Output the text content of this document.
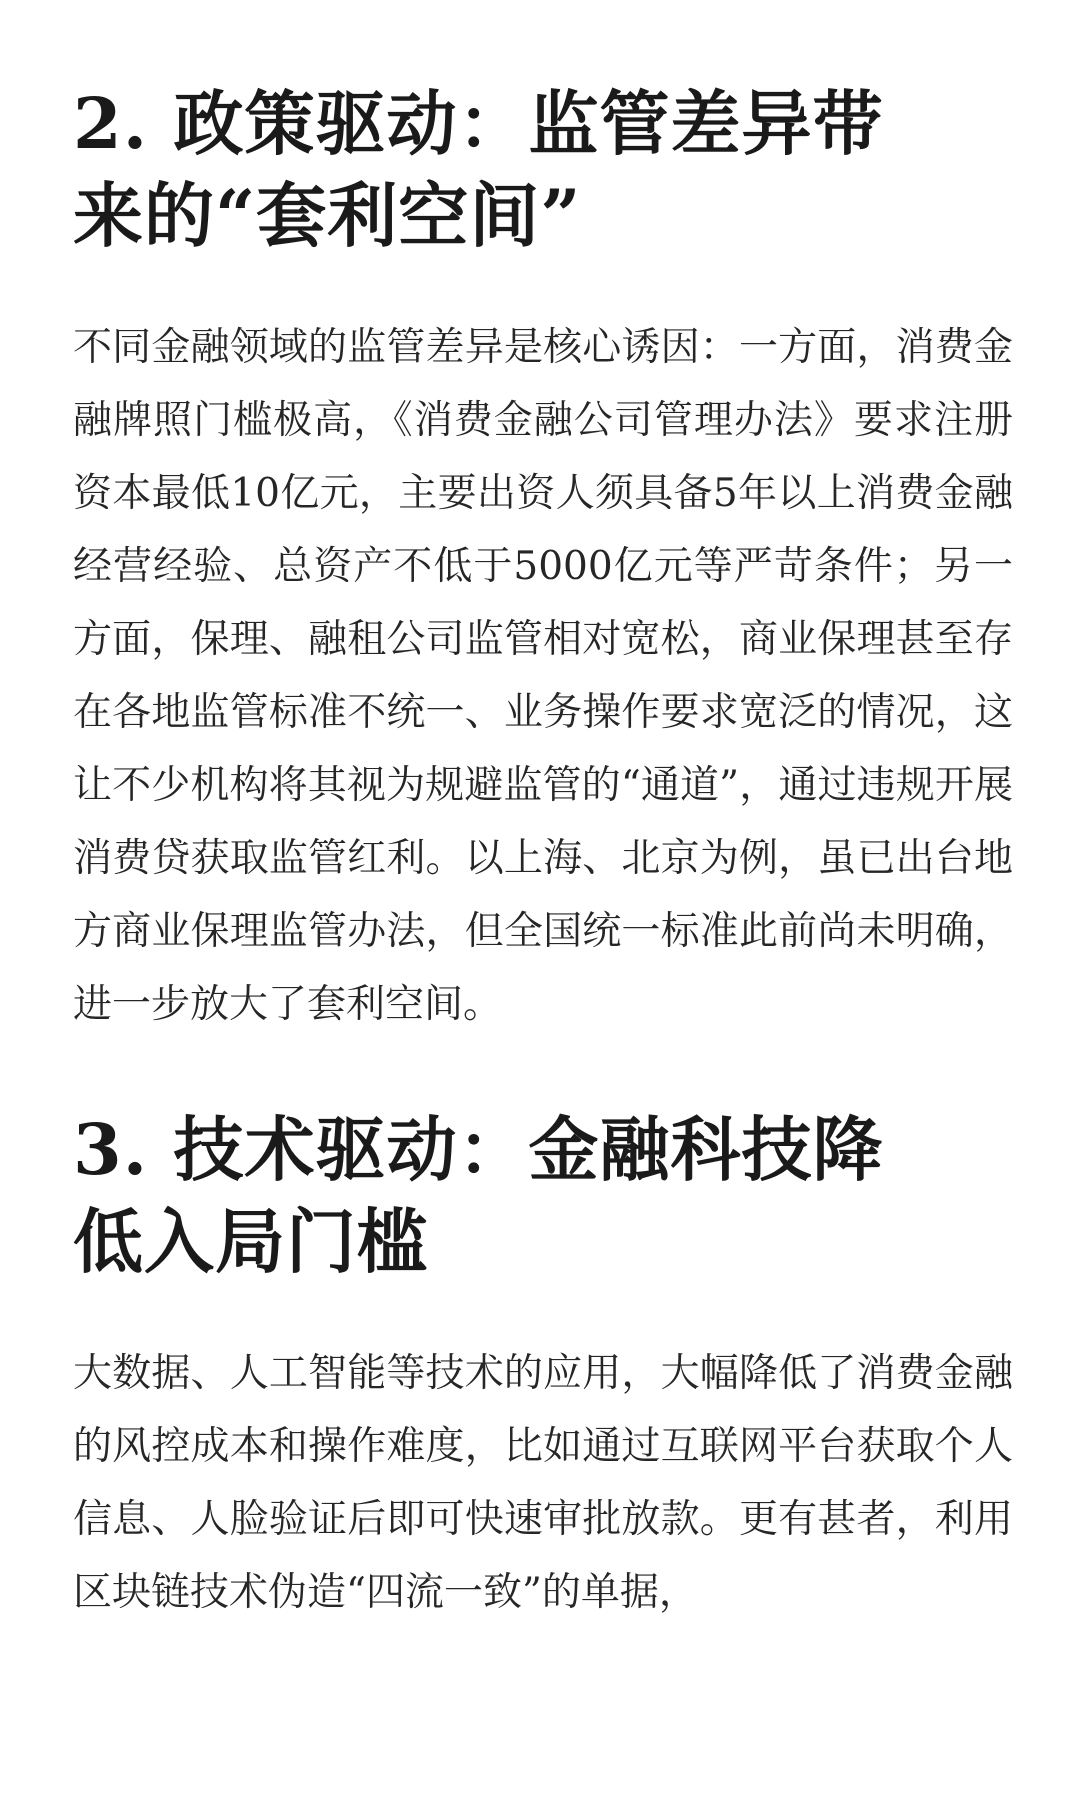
2. 政策驱动：监管差异带来的“套利空间”

不同金融领域的监管差异是核心诱因：一方面，消费金融牌照门槛极高，《消费金融公司管理办法》要求注册资本最低10亿元，主要出资人须具备5年以上消费金融经营经验、总资产不低于5000亿元等严苛条件；另一方面，保理、融租公司监管相对宽松，商业保理甚至存在各地监管标准不统一、业务操作要求宽泛的情况，这让不少机构将其视为规避监管的“通道”，通过违规开展消费贷获取监管红利。以上海、北京为例，虽已出台地方商业保理监管办法，但全国统一标准此前尚未明确，进一步放大了套利空间。

3. 技术驱动：金融科技降低入局门槛

大数据、人工智能等技术的应用，大幅降低了消费金融的风控成本和操作难度，比如通过互联网平台获取个人信息、人脸验证后即可快速审批放款。更有甚者，利用区块链技术伪造“四流一致”的单据，
